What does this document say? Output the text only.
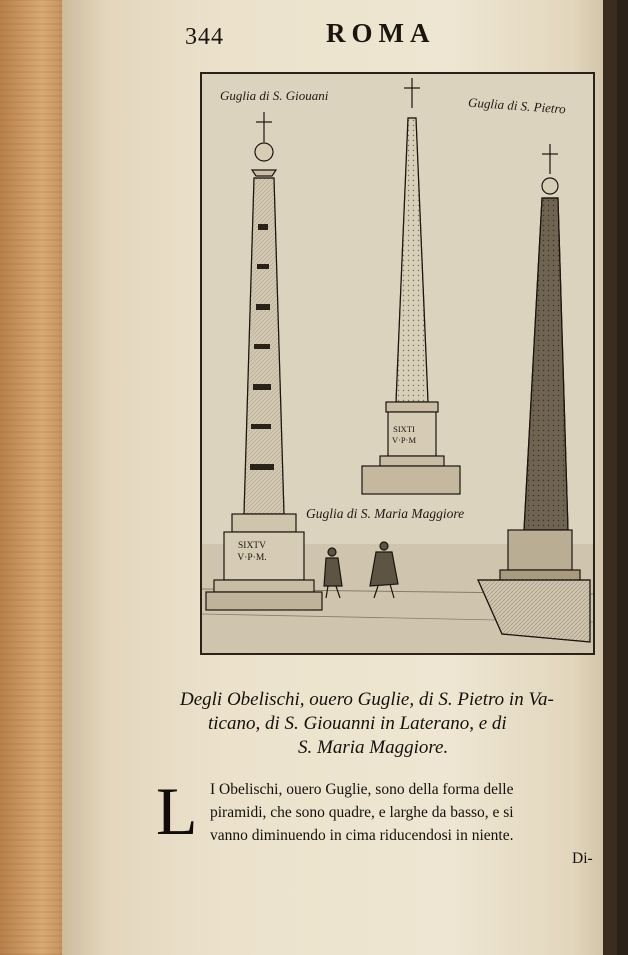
344	ROMA
Guglia di S. Giouani	Guglia di S. Pietro
Guglia di S. Maria Maggiore
SIXTV
V·P·M.
SIXTI
V·P·M
Degli Obelischi, ouero Guglie, di S. Pietro in Va-
ticano, di S. Giouanni in Laterano, e di
S. Maria Maggiore.
L I Obelischi, ouero Guglie, sono della forma delle
piramidi, che sono quadre, e larghe da basso, e si
vanno diminuendo in cima riducendosi in niente.
Di-
